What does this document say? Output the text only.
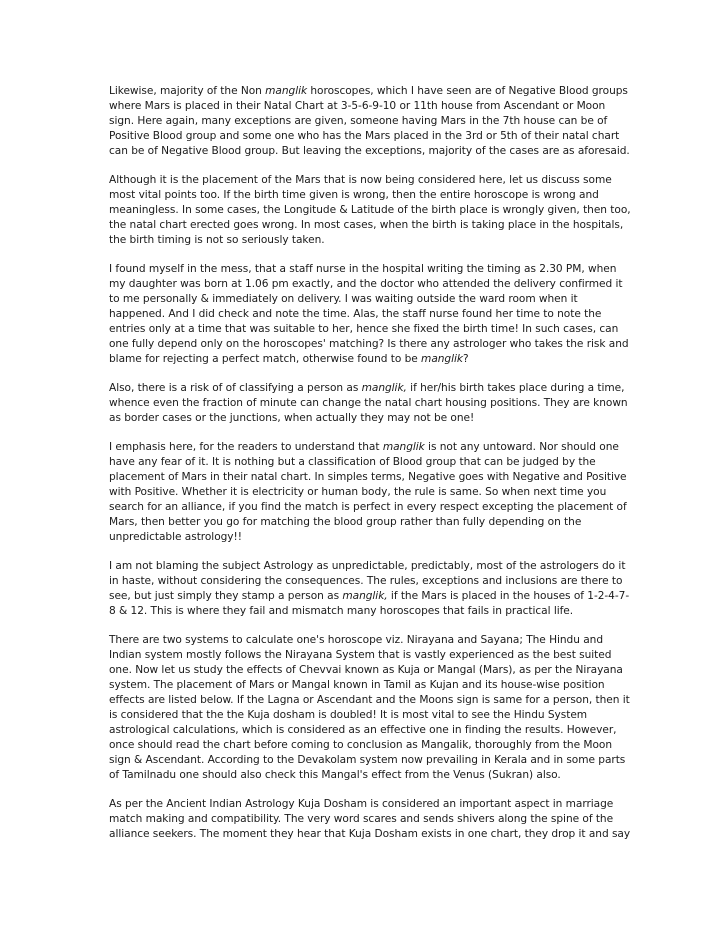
Likewise, majority of the Non manglik horoscopes, which I have seen are of Negative Blood groups where Mars is placed in their Natal Chart at 3-5-6-9-10 or 11th house from Ascendant or Moon sign. Here again, many exceptions are given, someone having Mars in the 7th house can be of Positive Blood group and some one who has the Mars placed in the 3rd or 5th of their natal chart can be of Negative Blood group. But leaving the exceptions, majority of the cases are as aforesaid.

Although it is the placement of the Mars that is now being considered here, let us discuss some most vital points too. If the birth time given is wrong, then the entire horoscope is wrong and meaningless. In some cases, the Longitude & Latitude of the birth place is wrongly given, then too, the natal chart erected goes wrong. In most cases, when the birth is taking place in the hospitals, the birth timing is not so seriously taken.

I found myself in the mess, that a staff nurse in the hospital writing the timing as 2.30 PM, when my daughter was born at 1.06 pm exactly, and the doctor who attended the delivery confirmed it to me personally & immediately on delivery. I was waiting outside the ward room when it happened. And I did check and note the time. Alas, the staff nurse found her time to note the entries only at a time that was suitable to her, hence she fixed the birth time! In such cases, can one fully depend only on the horoscopes' matching? Is there any astrologer who takes the risk and blame for rejecting a perfect match, otherwise found to be manglik?

Also, there is a risk of of classifying a person as manglik, if her/his birth takes place during a time, whence even the fraction of minute can change the natal chart housing positions. They are known as border cases or the junctions, when actually they may not be one!

I emphasis here, for the readers to understand that manglik is not any untoward. Nor should one have any fear of it. It is nothing but a classification of Blood group that can be judged by the placement of Mars in their natal chart. In simples terms, Negative goes with Negative and Positive with Positive. Whether it is electricity or human body, the rule is same. So when next time you search for an alliance, if you find the match is perfect in every respect excepting the placement of Mars, then better you go for matching the blood group rather than fully depending on the unpredictable astrology!!

I am not blaming the subject Astrology as unpredictable, predictably, most of the astrologers do it in haste, without considering the consequences. The rules, exceptions and inclusions are there to see, but just simply they stamp a person as manglik, if the Mars is placed in the houses of 1-2-4-7-8 & 12. This is where they fail and mismatch many horoscopes that fails in practical life.

There are two systems to calculate one's horoscope viz. Nirayana and Sayana; The Hindu and Indian system mostly follows the Nirayana System that is vastly experienced as the best suited one. Now let us study the effects of Chevvai known as Kuja or Mangal (Mars), as per the Nirayana system. The placement of Mars or Mangal known in Tamil as Kujan and its house-wise position effects are listed below. If the Lagna or Ascendant and the Moons sign is same for a person, then it is considered that the the Kuja dosham is doubled! It is most vital to see the Hindu System astrological calculations, which is considered as an effective one in finding the results. However, once should read the chart before coming to conclusion as Mangalik, thoroughly from the Moon sign & Ascendant. According to the Devakolam system now prevailing in Kerala and in some parts of Tamilnadu one should also check this Mangal's effect from the Venus (Sukran) also.

As per the Ancient Indian Astrology Kuja Dosham is considered an important aspect in marriage match making and compatibility. The very word scares and sends shivers along the spine of the alliance seekers. The moment they hear that Kuja Dosham exists in one chart, they drop it and say
